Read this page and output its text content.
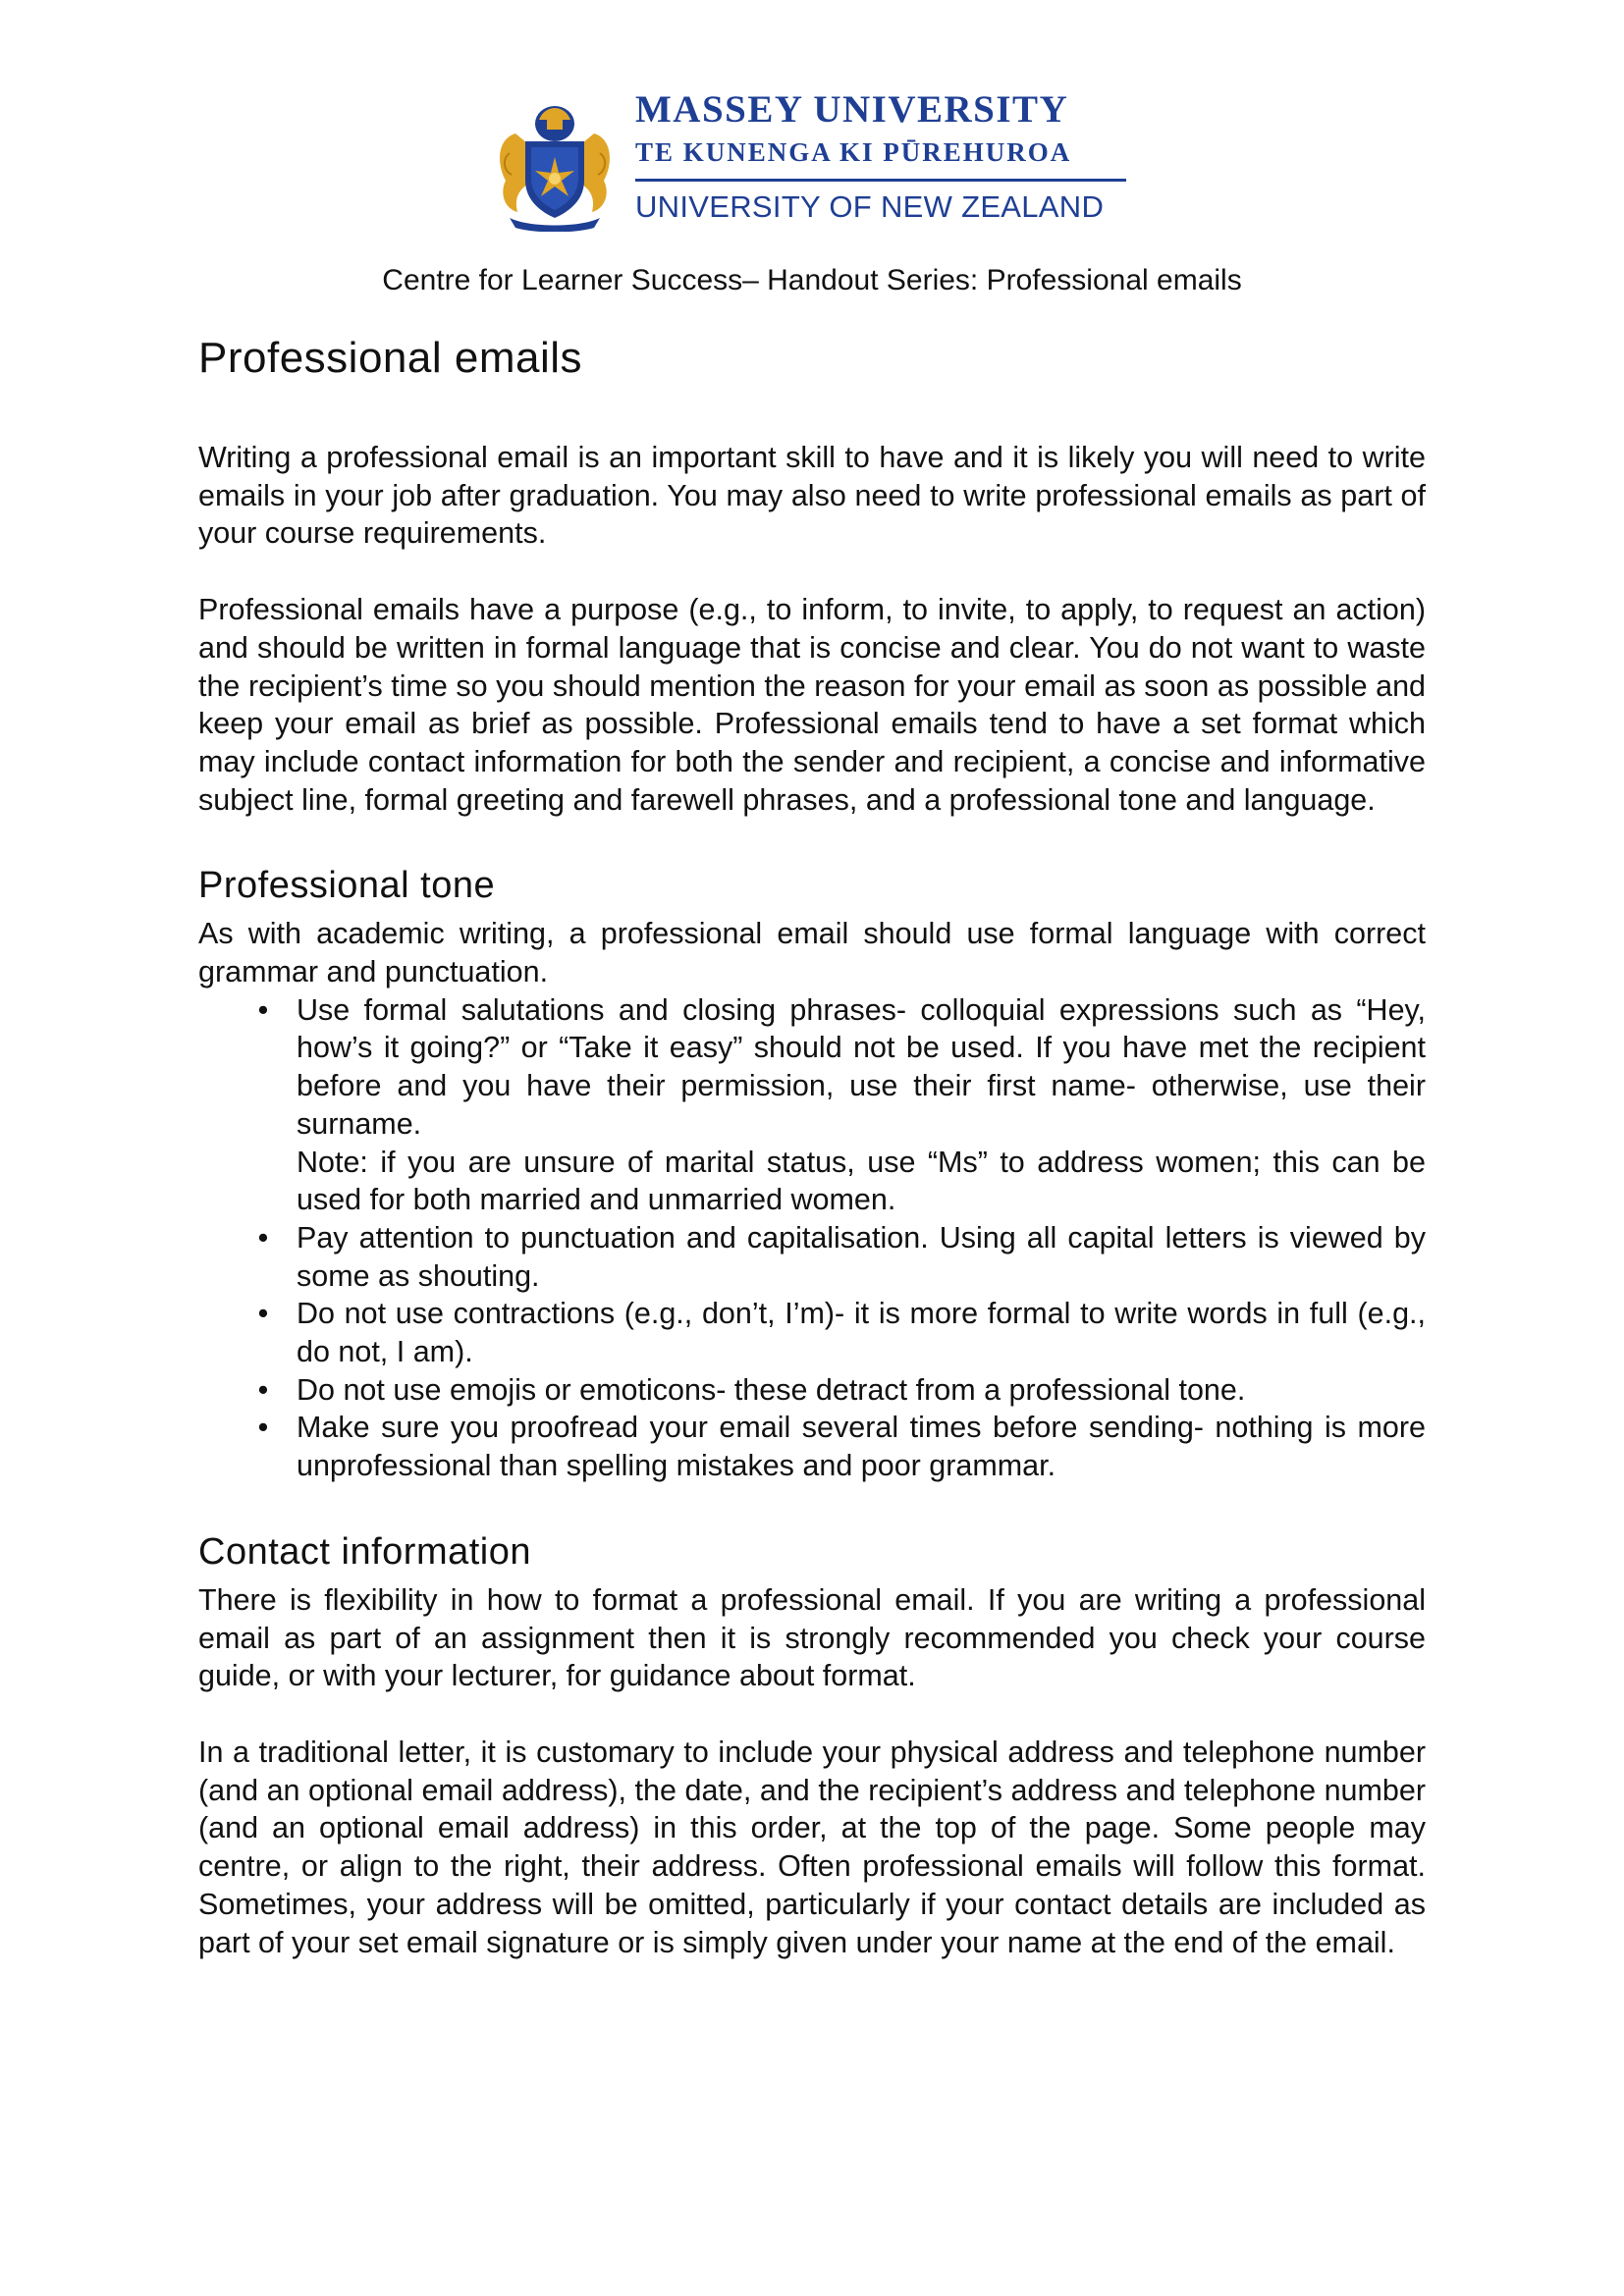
MASSEY UNIVERSITY
TE KUNENGA KI PŪREHUROA
UNIVERSITY OF NEW ZEALAND
Centre for Learner Success– Handout Series: Professional emails
Professional emails

Writing a professional email is an important skill to have and it is likely you will need to write emails in your job after graduation. You may also need to write professional emails as part of your course requirements.

Professional emails have a purpose (e.g., to inform, to invite, to apply, to request an action) and should be written in formal language that is concise and clear. You do not want to waste the recipient’s time so you should mention the reason for your email as soon as possible and keep your email as brief as possible. Professional emails tend to have a set format which may include contact information for both the sender and recipient, a concise and informative subject line, formal greeting and farewell phrases, and a professional tone and language.

Professional tone

As with academic writing, a professional email should use formal language with correct grammar and punctuation.

• Use formal salutations and closing phrases- colloquial expressions such as “Hey, how’s it going?” or “Take it easy” should not be used. If you have met the recipient before and you have their permission, use their first name- otherwise, use their surname.
Note: if you are unsure of marital status, use “Ms” to address women; this can be used for both married and unmarried women.
• Pay attention to punctuation and capitalisation. Using all capital letters is viewed by some as shouting.
• Do not use contractions (e.g., don’t, I’m)- it is more formal to write words in full (e.g., do not, I am).
• Do not use emojis or emoticons- these detract from a professional tone.
• Make sure you proofread your email several times before sending- nothing is more unprofessional than spelling mistakes and poor grammar.
Contact information

There is flexibility in how to format a professional email. If you are writing a professional email as part of an assignment then it is strongly recommended you check your course guide, or with your lecturer, for guidance about format.

In a traditional letter, it is customary to include your physical address and telephone number (and an optional email address), the date, and the recipient’s address and telephone number (and an optional email address) in this order, at the top of the page. Some people may centre, or align to the right, their address. Often professional emails will follow this format. Sometimes, your address will be omitted, particularly if your contact details are included as part of your set email signature or is simply given under your name at the end of the email.
